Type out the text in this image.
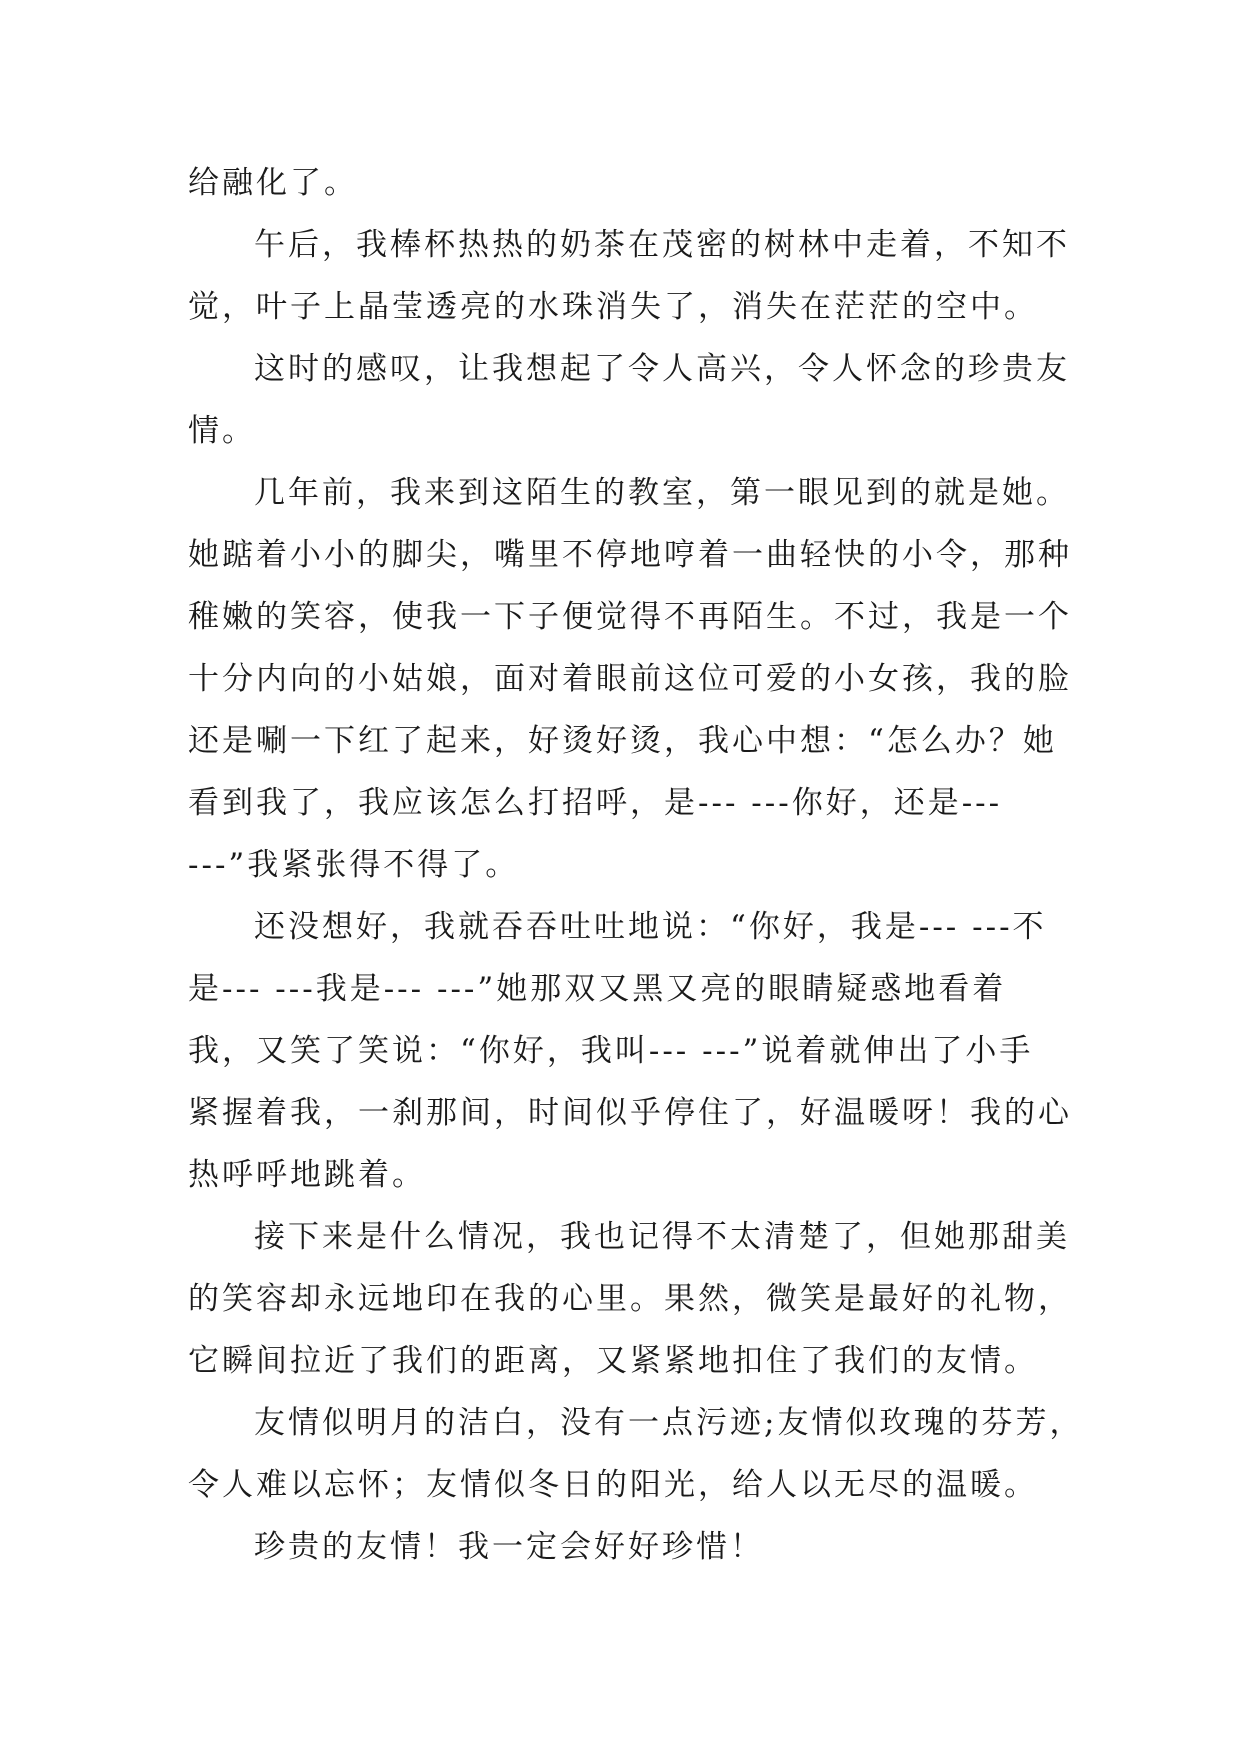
给融化了。
午后，我棒杯热热的奶茶在茂密的树林中走着，不知不
觉，叶子上晶莹透亮的水珠消失了，消失在茫茫的空中。
这时的感叹，让我想起了令人高兴，令人怀念的珍贵友
情。
几年前，我来到这陌生的教室，第一眼见到的就是她。
她踮着小小的脚尖，嘴里不停地哼着一曲轻快的小令，那种
稚嫩的笑容，使我一下子便觉得不再陌生。不过，我是一个
十分内向的小姑娘，面对着眼前这位可爱的小女孩，我的脸
还是唰一下红了起来，好烫好烫，我心中想：“怎么办？她
看到我了，我应该怎么打招呼，是--- ---你好，还是---
---”我紧张得不得了。
还没想好，我就吞吞吐吐地说：“你好，我是--- ---不
是--- ---我是--- ---”她那双又黑又亮的眼睛疑惑地看着
我，又笑了笑说：“你好，我叫--- ---”说着就伸出了小手
紧握着我，一刹那间，时间似乎停住了，好温暖呀！我的心
热呼呼地跳着。
接下来是什么情况，我也记得不太清楚了，但她那甜美
的笑容却永远地印在我的心里。果然，微笑是最好的礼物，
它瞬间拉近了我们的距离，又紧紧地扣住了我们的友情。
友情似明月的洁白，没有一点污迹;友情似玫瑰的芬芳，
令人难以忘怀；友情似冬日的阳光，给人以无尽的温暖。
珍贵的友情！我一定会好好珍惜！
